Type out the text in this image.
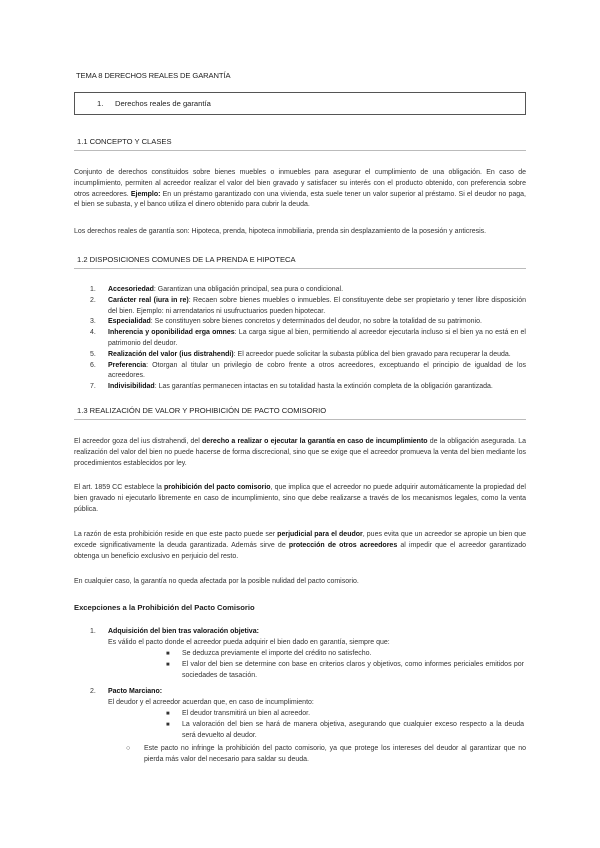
TEMA 8 DERECHOS REALES DE GARANTÍA
1. Derechos reales de garantía
1.1 CONCEPTO Y CLASES
Conjunto de derechos constituidos sobre bienes muebles o inmuebles para asegurar el cumplimiento de una obligación. En caso de incumplimiento, permiten al acreedor realizar el valor del bien gravado y satisfacer su interés con el producto obtenido, con preferencia sobre otros acreedores. Ejemplo: En un préstamo garantizado con una vivienda, esta suele tener un valor superior al préstamo. Si el deudor no paga, el bien se subasta, y el banco utiliza el dinero obtenido para cubrir la deuda.
Los derechos reales de garantía son: Hipoteca, prenda, hipoteca inmobiliaria, prenda sin desplazamiento de la posesión y anticresis.
1.2 DISPOSICIONES COMUNES DE LA PRENDA E HIPOTECA
1. Accesoriedad: Garantizan una obligación principal, sea pura o condicional.
2. Carácter real (iura in re): Recaen sobre bienes muebles o inmuebles. El constituyente debe ser propietario y tener libre disposición del bien. Ejemplo: ni arrendatarios ni usufructuarios pueden hipotecar.
3. Especialidad: Se constituyen sobre bienes concretos y determinados del deudor, no sobre la totalidad de su patrimonio.
4. Inherencia y oponibilidad erga omnes: La carga sigue al bien, permitiendo al acreedor ejecutarla incluso si el bien ya no está en el patrimonio del deudor.
5. Realización del valor (ius distrahendi): El acreedor puede solicitar la subasta pública del bien gravado para recuperar la deuda.
6. Preferencia: Otorgan al titular un privilegio de cobro frente a otros acreedores, exceptuando el principio de igualdad de los acreedores.
7. Indivisibilidad: Las garantías permanecen intactas en su totalidad hasta la extinción completa de la obligación garantizada.
1.3 REALIZACIÓN DE VALOR Y PROHIBICIÓN DE PACTO COMISORIO
El acreedor goza del ius distrahendi, del derecho a realizar o ejecutar la garantía en caso de incumplimiento de la obligación asegurada. La realización del valor del bien no puede hacerse de forma discrecional, sino que se exige que el acreedor promueva la venta del bien mediante los procedimientos establecidos por ley.
El art. 1859 CC establece la prohibición del pacto comisorio, que implica que el acreedor no puede adquirir automáticamente la propiedad del bien gravado ni ejecutarlo libremente en caso de incumplimiento, sino que debe realizarse a través de los mecanismos legales, como la venta pública.
La razón de esta prohibición reside en que este pacto puede ser perjudicial para el deudor, pues evita que un acreedor se apropie un bien que excede significativamente la deuda garantizada. Además sirve de protección de otros acreedores al impedir que el acreedor garantizado obtenga un beneficio exclusivo en perjuicio del resto.
En cualquier caso, la garantía no queda afectada por la posible nulidad del pacto comisorio.
Excepciones a la Prohibición del Pacto Comisorio
1. Adquisición del bien tras valoración objetiva:
Es válido el pacto donde el acreedor pueda adquirir el bien dado en garantía, siempre que:
■ Se deduzca previamente el importe del crédito no satisfecho.
■ El valor del bien se determine con base en criterios claros y objetivos, como informes periciales emitidos por sociedades de tasación.
2. Pacto Marciano:
El deudor y el acreedor acuerdan que, en caso de incumplimiento:
■ El deudor transmitirá un bien al acreedor.
■ La valoración del bien se hará de manera objetiva, asegurando que cualquier exceso respecto a la deuda será devuelto al deudor.
○ Este pacto no infringe la prohibición del pacto comisorio, ya que protege los intereses del deudor al garantizar que no pierda más valor del necesario para saldar su deuda.
